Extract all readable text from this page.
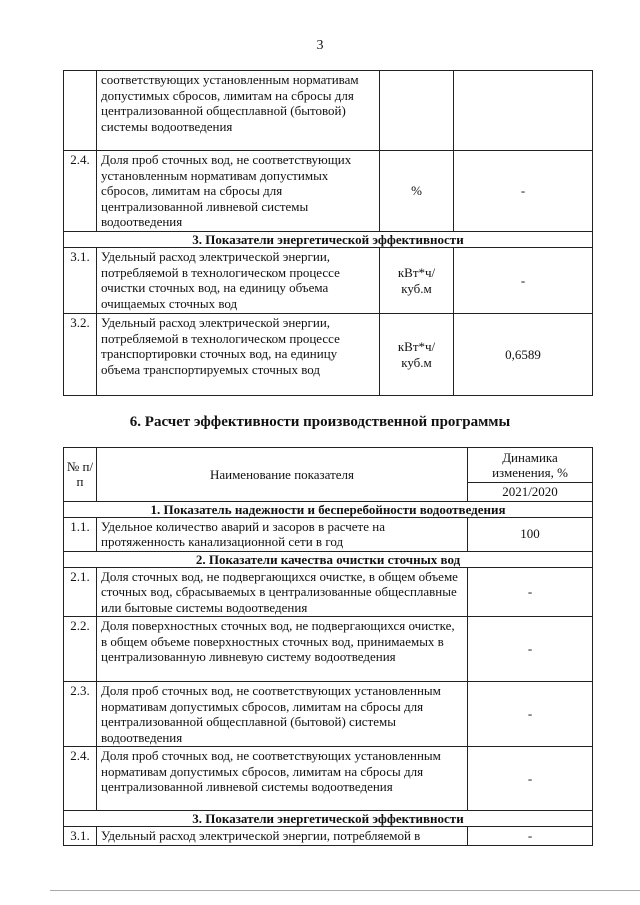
3
	соответствующих установленным нормативам допустимых сбросов, лимитам на сбросы для централизованной общесплавной (бытовой) системы водоотведения		
2.4.	Доля проб сточных вод, не соответствующих установленным нормативам допустимых сбросов, лимитам на сбросы для централизованной ливневой системы водоотведения	%	-
3. Показатели энергетической эффективности			
3.1.	Удельный расход электрической энергии, потребляемой в технологическом процессе очистки сточных вод, на единицу объема очищаемых сточных вод	кВт*ч/ куб.м	-
3.2.	Удельный расход электрической энергии, потребляемой в технологическом процессе транспортировки сточных вод, на единицу объема транспортируемых сточных вод	кВт*ч/ куб.м	0,6589
6. Расчет эффективности производственной программы
№ п/п	Наименование показателя	Динамика изменения, %
		2021/2020
1. Показатель надежности и бесперебойности водоотведения		
1.1.	Удельное количество аварий и засоров в расчете на протяженность канализационной сети в год	100
2. Показатели качества очистки сточных вод		
2.1.	Доля сточных вод, не подвергающихся очистке, в общем объеме сточных вод, сбрасываемых в централизованные общесплавные или бытовые системы водоотведения	-
2.2.	Доля поверхностных сточных вод, не подвергающихся очистке, в общем объеме поверхностных сточных вод, принимаемых в централизованную ливневую систему водоотведения	-
2.3.	Доля проб сточных вод, не соответствующих установленным нормативам допустимых сбросов, лимитам на сбросы для централизованной общесплавной (бытовой) системы водоотведения	-
2.4.	Доля проб сточных вод, не соответствующих установленным нормативам допустимых сбросов, лимитам на сбросы для централизованной ливневой системы водоотведения	-
3. Показатели энергетической эффективности		
3.1.	Удельный расход электрической энергии, потребляемой в	-
